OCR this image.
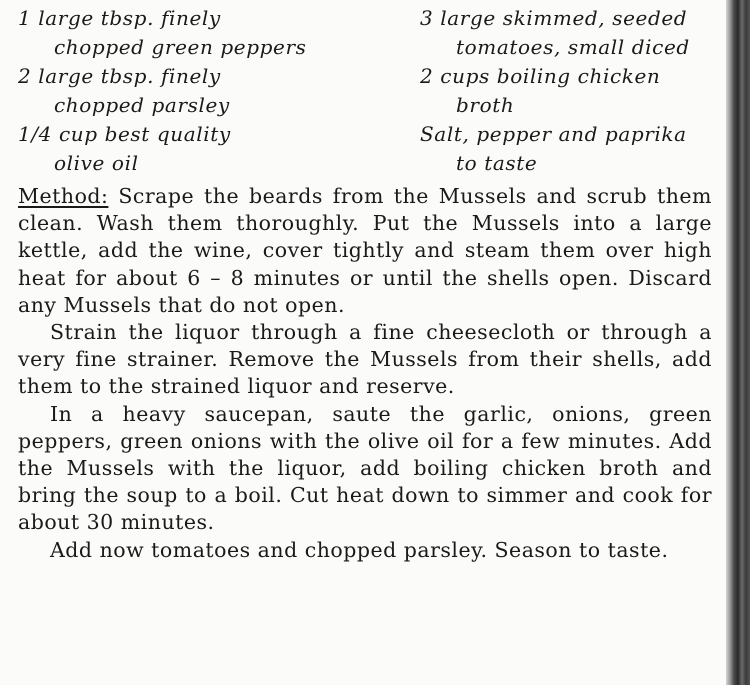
1 large tbsp. finely
chopped green peppers

2 large tbsp. finely
chopped parsley

1/4 cup best quality
olive oil

3 large skimmed, seeded
tomatoes, small diced

2 cups boiling chicken
broth

Salt, pepper and paprika
to taste

Method: Scrape the beards from the Mussels and scrub them clean. Wash them thoroughly. Put the Mussels into a large kettle, add the wine, cover tightly and steam them over high heat for about 6 – 8 minutes or until the shells open. Discard any Mussels that do not open.

Strain the liquor through a fine cheesecloth or through a very fine strainer. Remove the Mussels from their shells, add them to the strained liquor and reserve.

In a heavy saucepan, saute the garlic, onions, green peppers, green onions with the olive oil for a few minutes. Add the Mussels with the liquor, add boiling chicken broth and bring the soup to a boil. Cut heat down to simmer and cook for about 30 minutes.

Add now tomatoes and chopped parsley. Season to taste.
